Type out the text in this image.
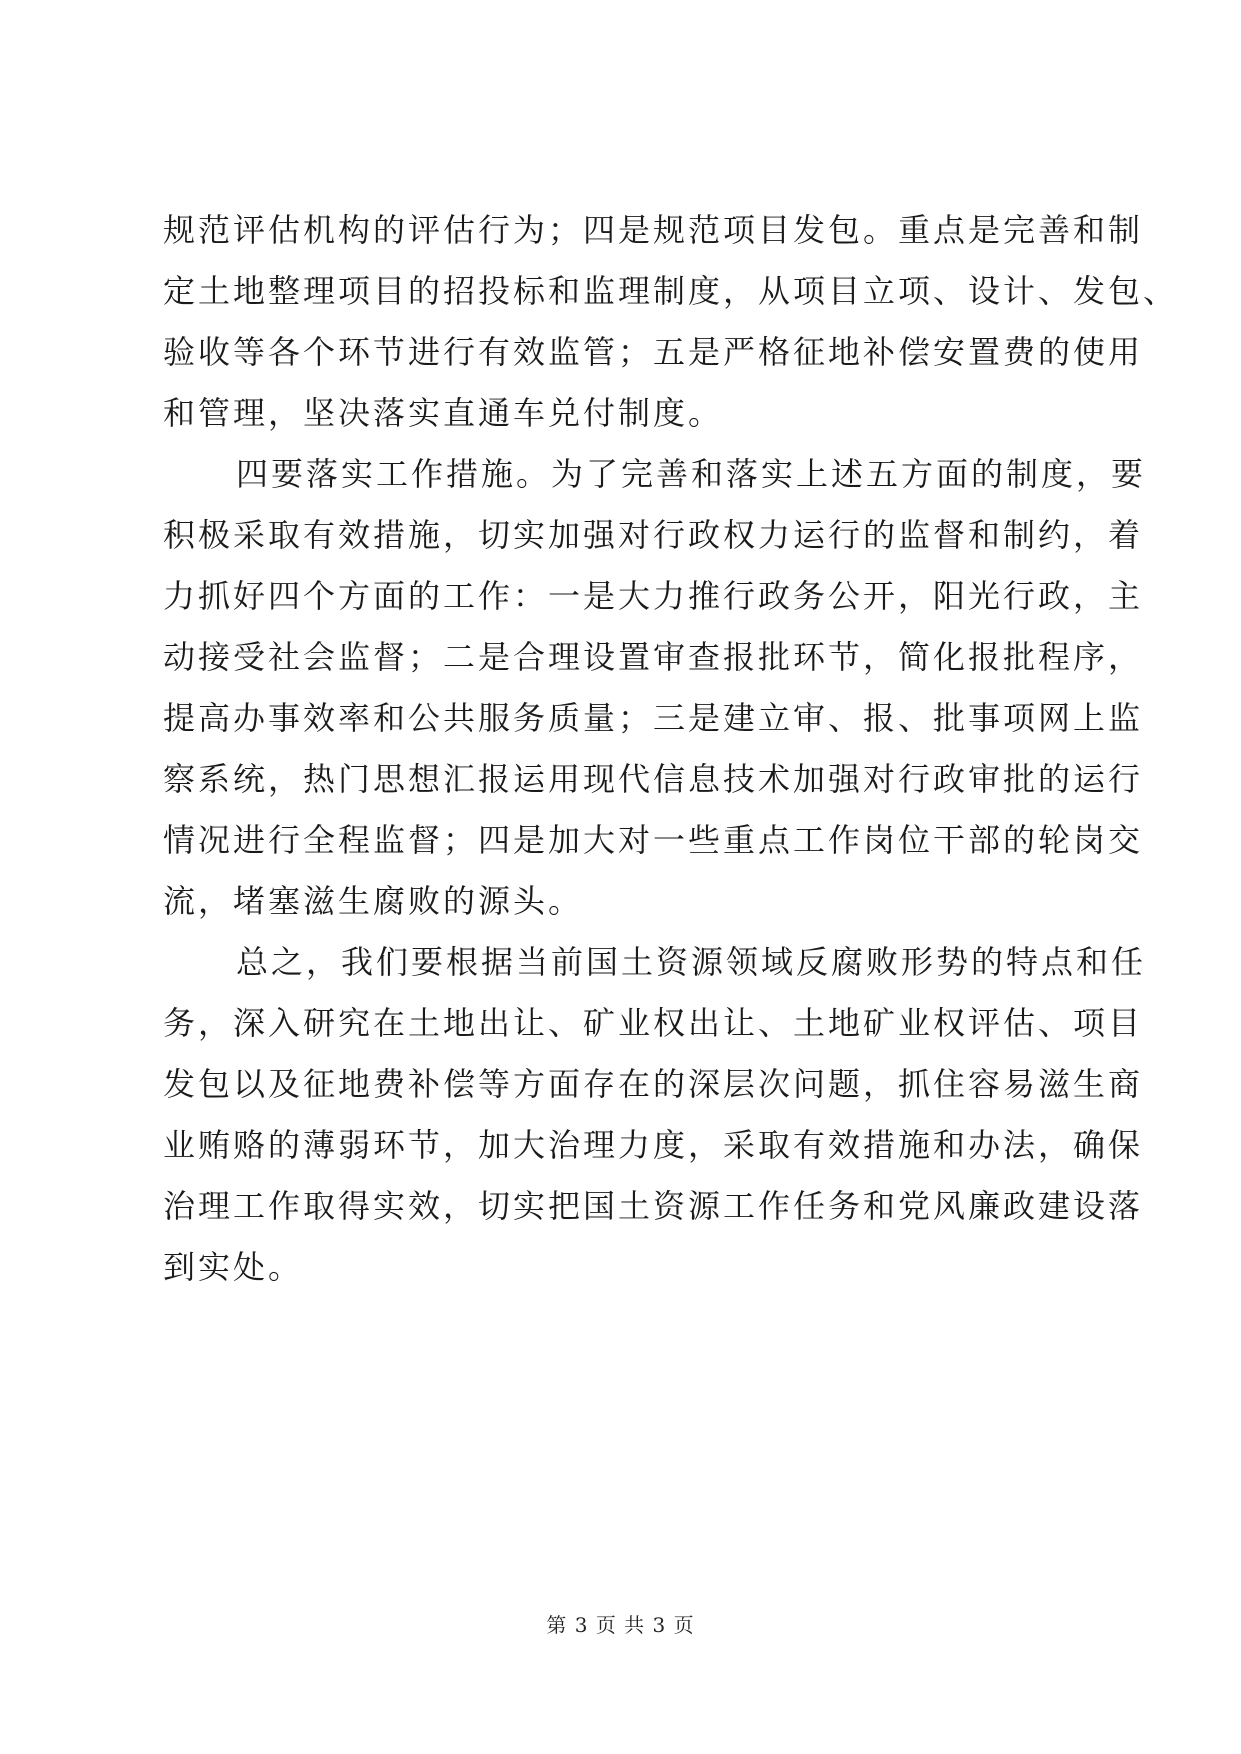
规范评估机构的评估行为；四是规范项目发包。重点是完善和制
定土地整理项目的招投标和监理制度，从项目立项、设计、发包、
验收等各个环节进行有效监管；五是严格征地补偿安置费的使用
和管理，坚决落实直通车兑付制度。
四要落实工作措施。为了完善和落实上述五方面的制度，要
积极采取有效措施，切实加强对行政权力运行的监督和制约，着
力抓好四个方面的工作：一是大力推行政务公开，阳光行政，主
动接受社会监督；二是合理设置审查报批环节，简化报批程序，
提高办事效率和公共服务质量；三是建立审、报、批事项网上监
察系统，热门思想汇报运用现代信息技术加强对行政审批的运行
情况进行全程监督；四是加大对一些重点工作岗位干部的轮岗交
流，堵塞滋生腐败的源头。
总之，我们要根据当前国土资源领域反腐败形势的特点和任
务，深入研究在土地出让、矿业权出让、土地矿业权评估、项目
发包以及征地费补偿等方面存在的深层次问题，抓住容易滋生商
业贿赂的薄弱环节，加大治理力度，采取有效措施和办法，确保
治理工作取得实效，切实把国土资源工作任务和党风廉政建设落
到实处。
第 3 页 共 3 页
